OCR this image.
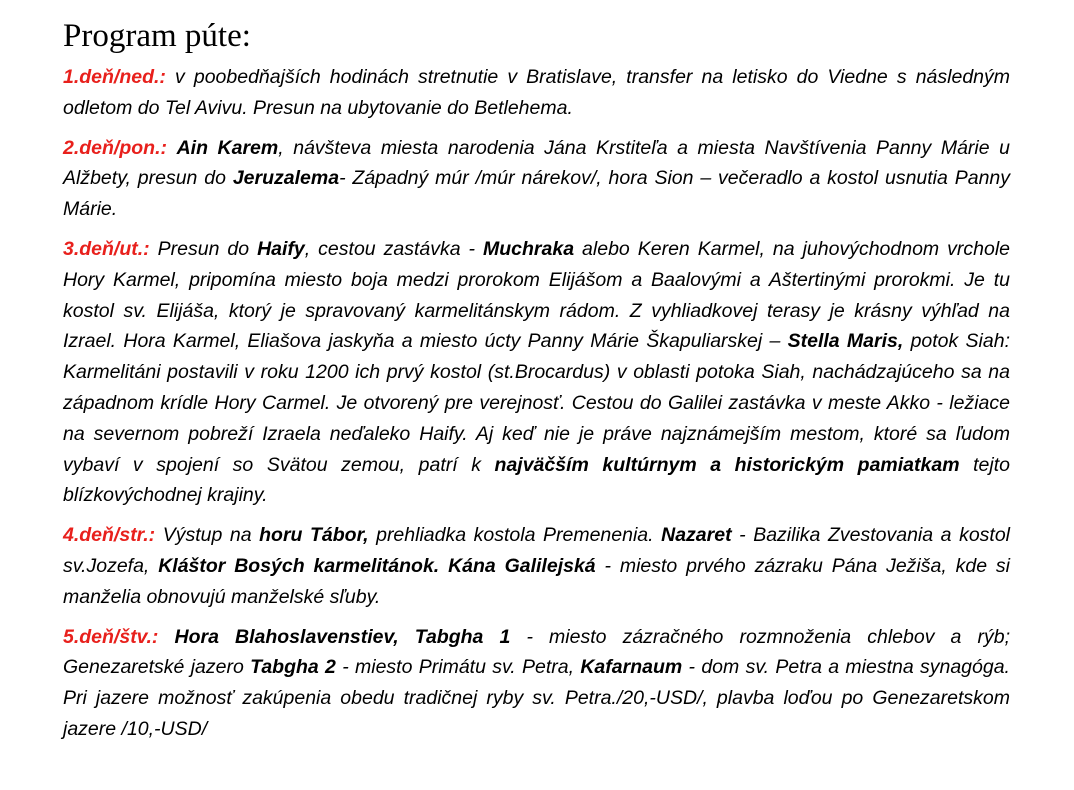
Program púte:

1.deň/ned.: v poobedňajších hodinách stretnutie v Bratislave, transfer na letisko do Viedne s následným odletom do Tel Avivu. Presun na ubytovanie do Betlehema.

2.deň/pon.: Ain Karem, návšteva miesta narodenia Jána Krstiteľa a miesta Navštívenia Panny Márie u Alžbety, presun do Jeruzalema- Západný múr /múr nárekov/, hora Sion – večeradlo a kostol usnutia Panny Márie.

3.deň/ut.: Presun do Haify, cestou zastávka - Muchraka alebo Keren Karmel, na juhovýchodnom vrchole Hory Karmel, pripomína miesto boja medzi prorokom Elijášom a Baalovými a Aštertinými prorokmi. Je tu kostol sv. Elijáša, ktorý je spravovaný karmelitánskym rádom. Z vyhliadkovej terasy je krásny výhľad na Izrael. Hora Karmel, Eliašova jaskyňa a miesto úcty Panny Márie Škapuliarskej – Stella Maris, potok Siah: Karmelitáni postavili v roku 1200 ich prvý kostol (st.Brocardus) v oblasti potoka Siah, nachádzajúceho sa na západnom krídle Hory Carmel. Je otvorený pre verejnosť. Cestou do Galilei zastávka v meste Akko - ležiace na severnom pobreží Izraela neďaleko Haify. Aj keď nie je práve najznámejším mestom, ktoré sa ľudom vybaví v spojení so Svätou zemou, patrí k najväčším kultúrnym a historickým pamiatkam tejto blízkovýchodnej krajiny.

4.deň/str.: Výstup na horu Tábor, prehliadka kostola Premenenia. Nazaret - Bazilika Zvestovania a kostol sv.Jozefa, Kláštor Bosých karmelitánok. Kána Galilejská - miesto prvého zázraku Pána Ježiša, kde si manželia obnovujú manželské sľuby.

5.deň/štv.: Hora Blahoslavenstiev, Tabgha 1 - miesto zázračného rozmnoženia chlebov a rýb; Genezaretské jazero Tabgha 2 - miesto Primátu sv. Petra, Kafarnaum - dom sv. Petra a miestna synagóga. Pri jazere možnosť zakúpenia obedu tradičnej ryby sv. Petra./20,-USD/, plavba loďou po Genezaretskom jazere /10,-USD/
